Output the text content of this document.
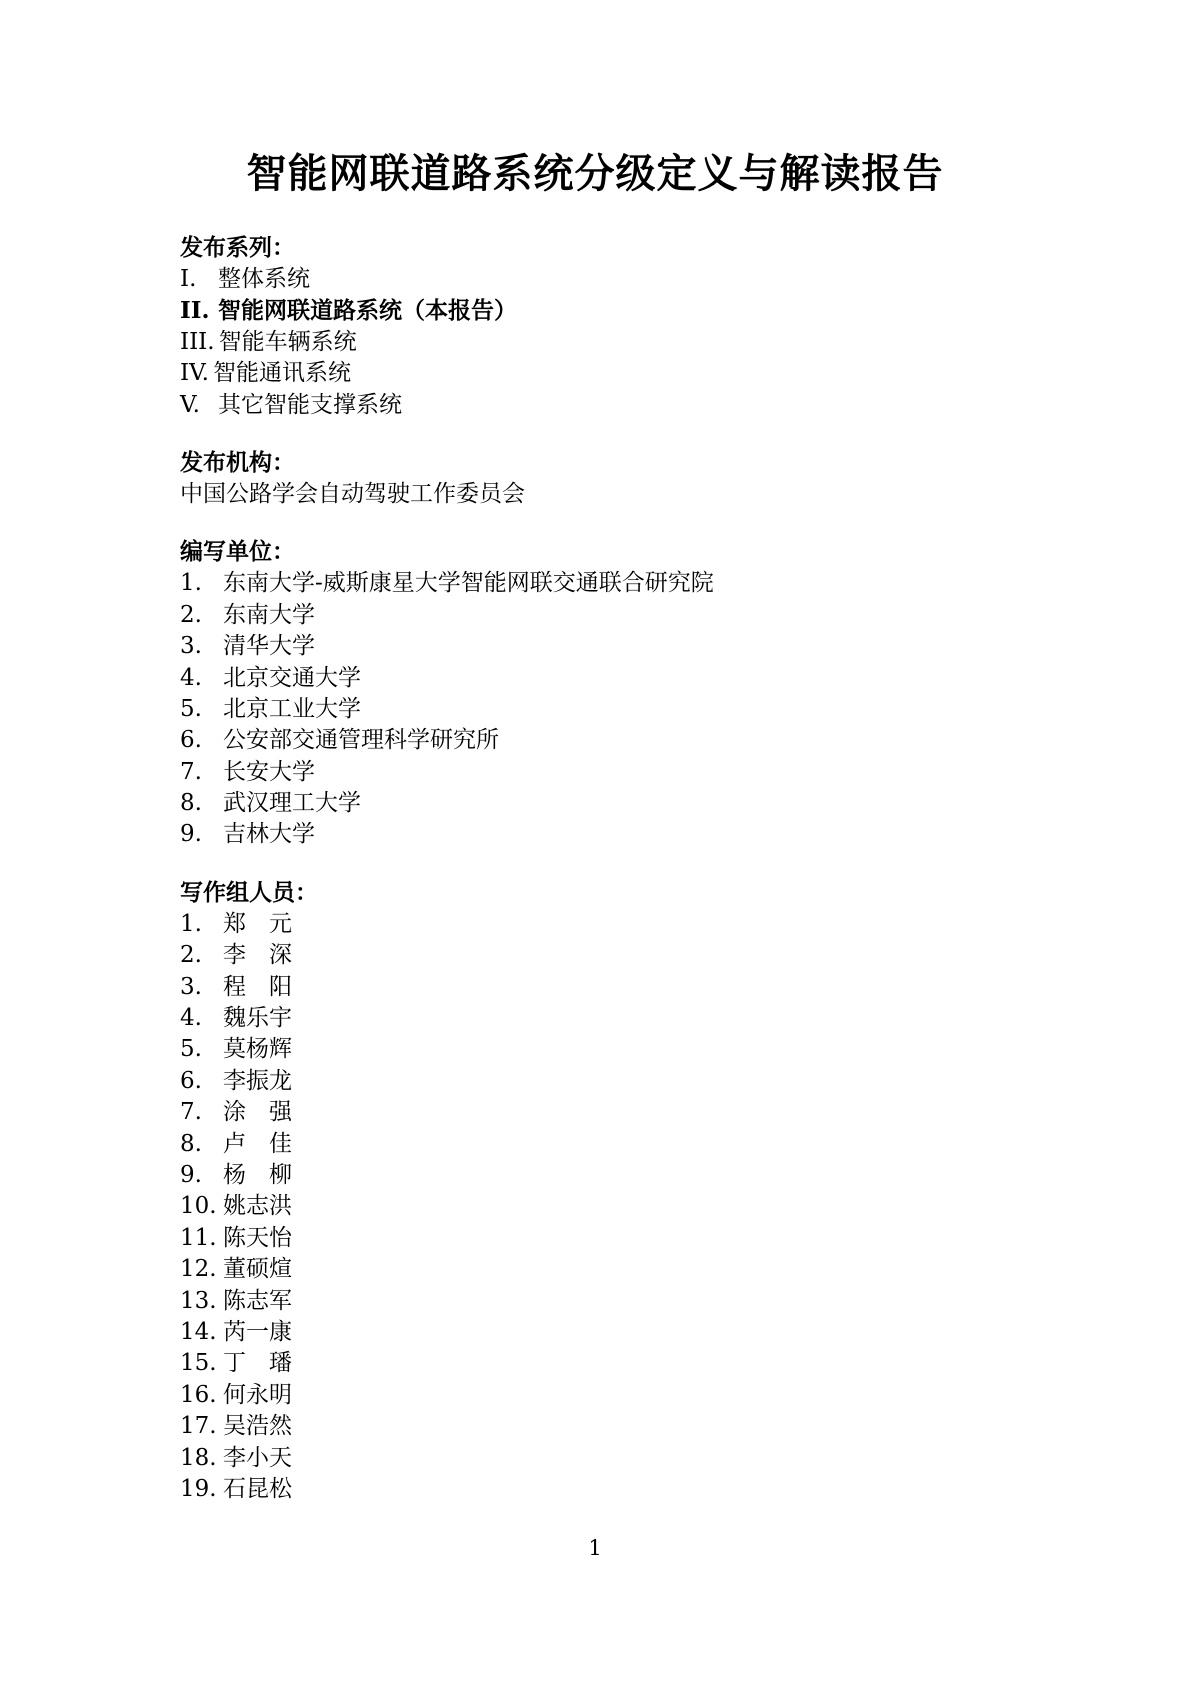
智能网联道路系统分级定义与解读报告
发布系列：
I. 整体系统
II. 智能网联道路系统（本报告）
III. 智能车辆系统
IV. 智能通讯系统
V. 其它智能支撑系统
发布机构：
中国公路学会自动驾驶工作委员会
编写单位：
1. 东南大学-威斯康星大学智能网联交通联合研究院
2. 东南大学
3. 清华大学
4. 北京交通大学
5. 北京工业大学
6. 公安部交通管理科学研究所
7. 长安大学
8. 武汉理工大学
9. 吉林大学
写作组人员：
1. 郑　元
2. 李　深
3. 程　阳
4. 魏乐宇
5. 莫杨辉
6. 李振龙
7. 涂　强
8. 卢　佳
9. 杨　柳
10. 姚志洪
11. 陈天怡
12. 董硕煊
13. 陈志军
14. 芮一康
15. 丁　璠
16. 何永明
17. 吴浩然
18. 李小天
19. 石昆松
1
